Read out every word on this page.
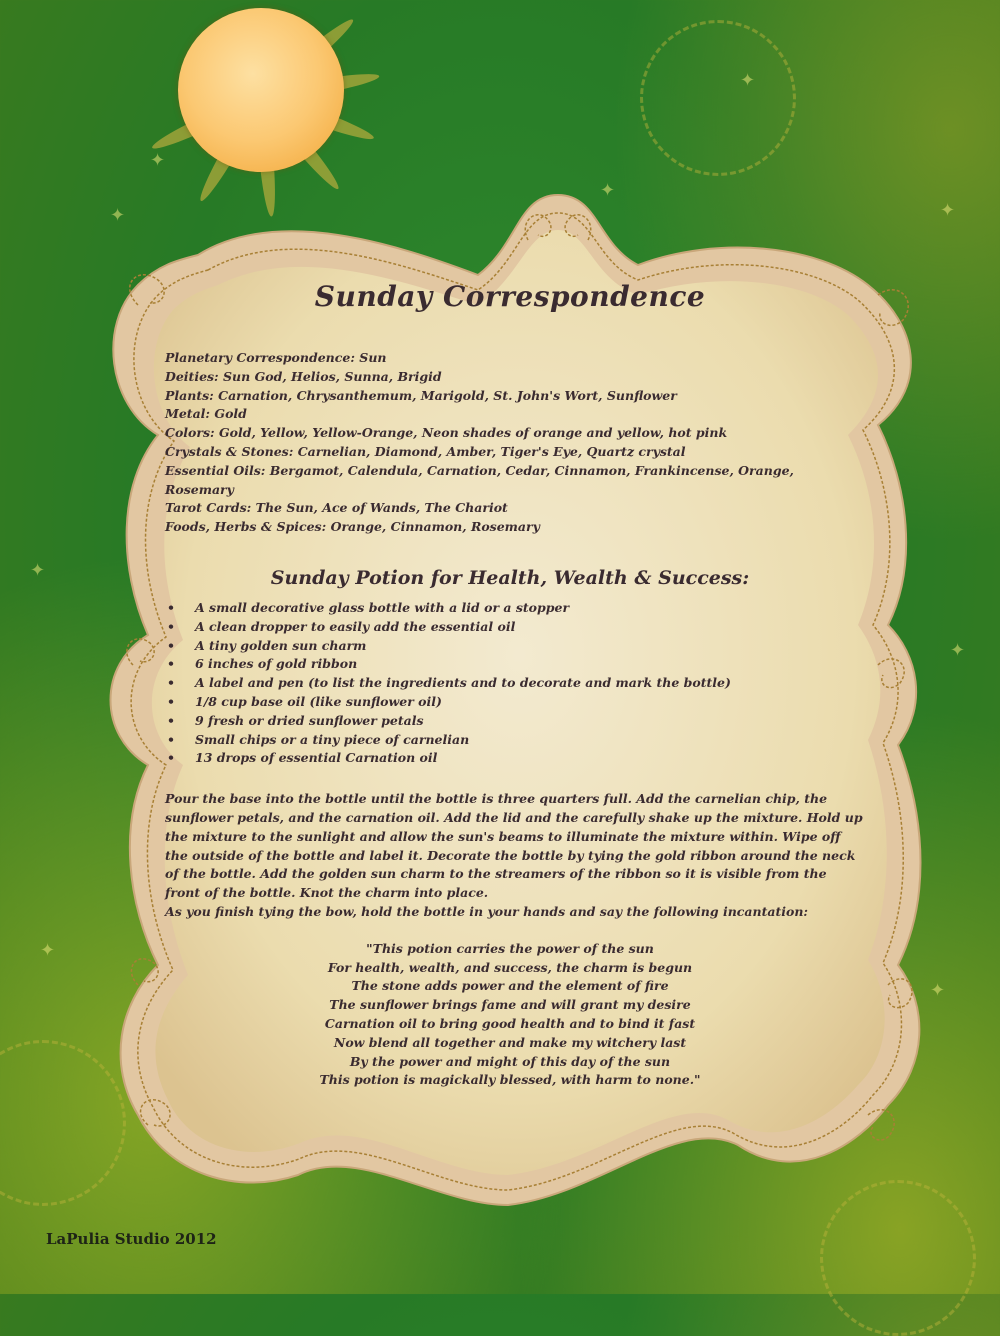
✦
✦
✦
✦
✦
✦
✦
✦
✦
Sunday Correspondence

Planetary Correspondence: Sun

Deities: Sun God, Helios, Sunna, Brigid

Plants: Carnation, Chrysanthemum, Marigold, St. John's Wort, Sunflower

Metal: Gold

Colors: Gold, Yellow, Yellow-Orange, Neon shades of orange and yellow, hot pink

Crystals & Stones: Carnelian, Diamond, Amber, Tiger's Eye, Quartz crystal

Essential Oils: Bergamot, Calendula, Carnation, Cedar, Cinnamon, Frankincense, Orange, Rosemary

Tarot Cards: The Sun, Ace of Wands, The Chariot

Foods, Herbs & Spices: Orange, Cinnamon, Rosemary

Sunday Potion for Health, Wealth & Success:
• A small decorative glass bottle with a lid or a stopper
• A clean dropper to easily add the essential oil
• A tiny golden sun charm
• 6 inches of gold ribbon
• A label and pen (to list the ingredients and to decorate and mark the bottle)
• 1/8 cup base oil (like sunflower oil)
• 9 fresh or dried sunflower petals
• Small chips or a tiny piece of carnelian
• 13 drops of essential Carnation oil
Pour the base into the bottle until the bottle is three quarters full. Add the carnelian chip, the sunflower petals, and the carnation oil. Add the lid and the carefully shake up the mixture. Hold up the mixture to the sunlight and allow the sun's beams to illuminate the mixture within. Wipe off the outside of the bottle and label it. Decorate the bottle by tying the gold ribbon around the neck of the bottle. Add the golden sun charm to the streamers of the ribbon so it is visible from the front of the bottle. Knot the charm into place.
As you finish tying the bow, hold the bottle in your hands and say the following incantation:
"This potion carries the power of the sun
For health, wealth, and success, the charm is begun
The stone adds power and the element of fire
The sunflower brings fame and will grant my desire
Carnation oil to bring good health and to bind it fast
Now blend all together and make my witchery last
By the power and might of this day of the sun
This potion is magickally blessed, with harm to none."
LaPulia Studio 2012
